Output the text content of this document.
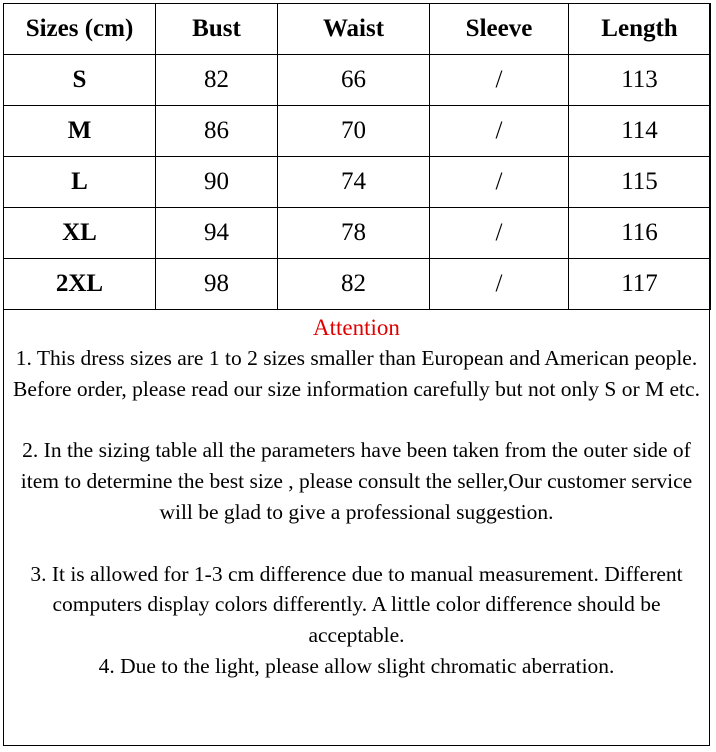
Sizes (cm)	Bust	Waist	Sleeve	Length
S	82	66	/	113
M	86	70	/	114
L	90	74	/	115
XL	94	78	/	116
2XL	98	82	/	117
Attention

1. This dress sizes are 1 to 2 sizes smaller than European and American people. Before order, please read our size information carefully but not only S or M etc.

2. In the sizing table all the parameters have been taken from the outer side of item to determine the best size , please consult the seller,Our customer service will be glad to give a professional suggestion.

3. It is allowed for 1-3 cm difference due to manual measurement. Different computers display colors differently. A little color difference should be acceptable.

4. Due to the light, please allow slight chromatic aberration.
